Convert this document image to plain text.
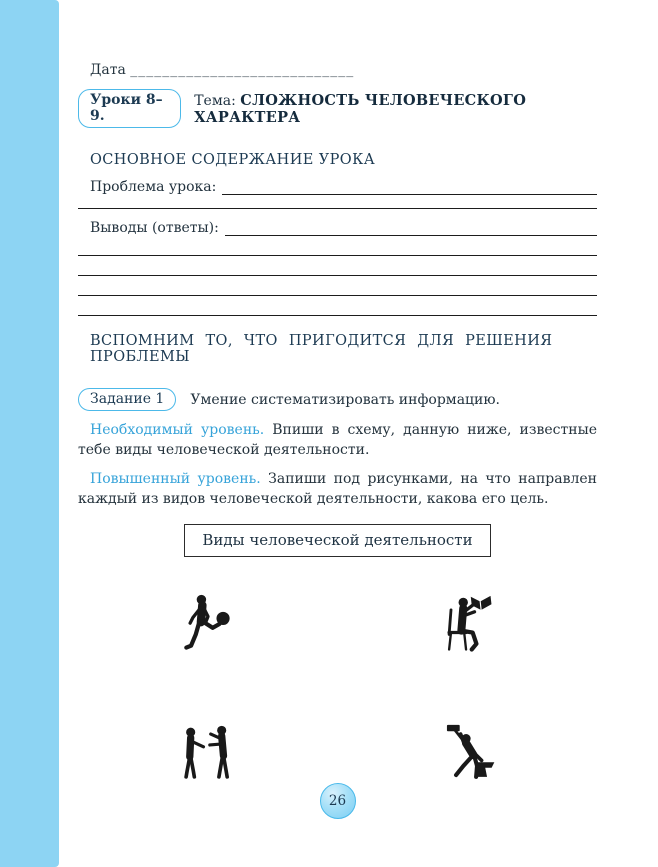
Дата ____________________________
Уроки 8–9.
Тема: СЛОЖНОСТЬ ЧЕЛОВЕЧЕСКОГО ХАРАКТЕРА
ОСНОВНОЕ СОДЕРЖАНИЕ УРОКА
Проблема урока:
Выводы (ответы):
ВСПОМНИМ ТО, ЧТО ПРИГОДИТСЯ ДЛЯ РЕШЕНИЯ ПРОБЛЕМЫ
Задание 1	Умение систематизировать информацию.
Необходимый уровень. Впиши в схему, данную ниже, известные тебе виды человеческой деятельности.
Повышенный уровень. Запиши под рисунками, на что направлен каждый из видов человеческой деятельности, какова его цель.
Виды человеческой деятельности
26
